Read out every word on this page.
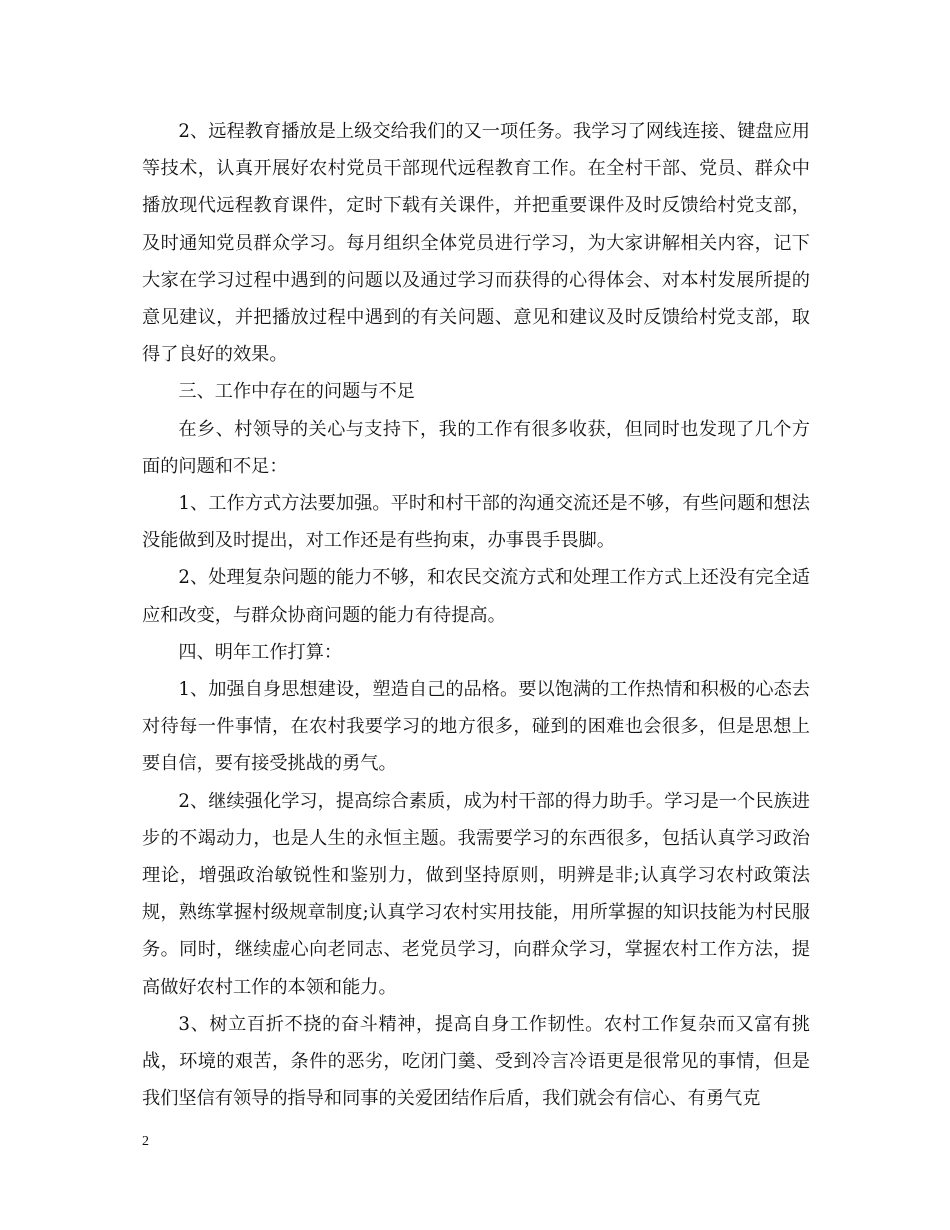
2、远程教育播放是上级交给我们的又一项任务。我学习了网线连接、键盘应用等技术，认真开展好农村党员干部现代远程教育工作。在全村干部、党员、群众中播放现代远程教育课件，定时下载有关课件，并把重要课件及时反馈给村党支部，及时通知党员群众学习。每月组织全体党员进行学习，为大家讲解相关内容，记下大家在学习过程中遇到的问题以及通过学习而获得的心得体会、对本村发展所提的意见建议，并把播放过程中遇到的有关问题、意见和建议及时反馈给村党支部，取得了良好的效果。

三、工作中存在的问题与不足

在乡、村领导的关心与支持下，我的工作有很多收获，但同时也发现了几个方面的问题和不足：

1、工作方式方法要加强。平时和村干部的沟通交流还是不够，有些问题和想法没能做到及时提出，对工作还是有些拘束，办事畏手畏脚。

2、处理复杂问题的能力不够，和农民交流方式和处理工作方式上还没有完全适应和改变，与群众协商问题的能力有待提高。

四、明年工作打算：

1、加强自身思想建设，塑造自己的品格。要以饱满的工作热情和积极的心态去对待每一件事情，在农村我要学习的地方很多，碰到的困难也会很多，但是思想上要自信，要有接受挑战的勇气。

2、继续强化学习，提高综合素质，成为村干部的得力助手。学习是一个民族进步的不竭动力，也是人生的永恒主题。我需要学习的东西很多，包括认真学习政治理论，增强政治敏锐性和鉴别力，做到坚持原则，明辨是非;认真学习农村政策法规，熟练掌握村级规章制度;认真学习农村实用技能，用所掌握的知识技能为村民服务。同时，继续虚心向老同志、老党员学习，向群众学习，掌握农村工作方法，提高做好农村工作的本领和能力。

3、树立百折不挠的奋斗精神，提高自身工作韧性。农村工作复杂而又富有挑战，环境的艰苦，条件的恶劣，吃闭门羹、受到冷言冷语更是很常见的事情，但是我们坚信有领导的指导和同事的关爱团结作后盾，我们就会有信心、有勇气克

2
